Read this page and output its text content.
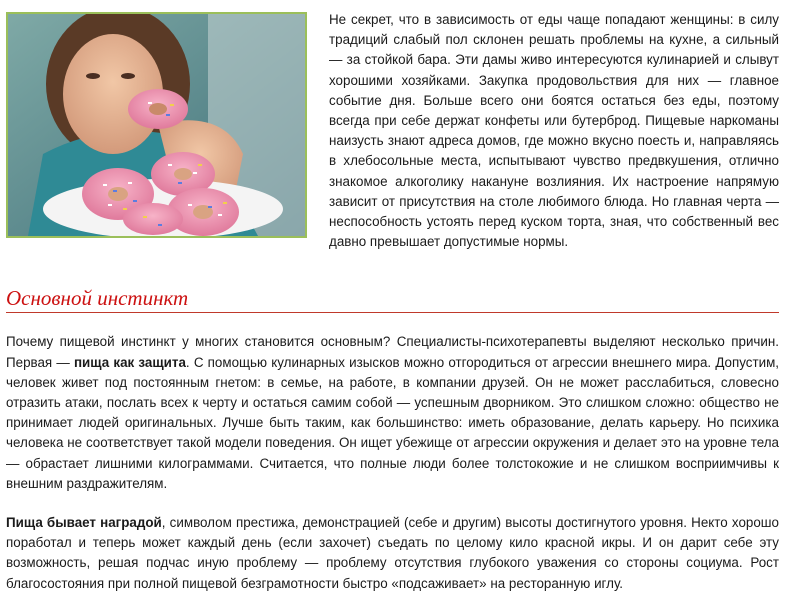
Не секрет, что в зависимость от еды чаще попадают женщины: в силу традиций слабый пол склонен решать проблемы на кухне, а сильный — за стойкой бара. Эти дамы живо интересуются кулинарией и слывут хорошими хозяйками. Закупка продовольствия для них — главное событие дня. Больше всего они боятся остаться без еды, поэтому всегда при себе держат конфеты или бутерброд. Пищевые наркоманы наизусть знают адреса домов, где можно вкусно поесть и, направляясь в хлебосольные места, испытывают чувство предвкушения, отлично знакомое алкоголику накануне возлияния. Их настроение напрямую зависит от присутствия на столе любимого блюда. Но главная черта — неспособность устоять перед куском торта, зная, что собственный вес давно превышает допустимые нормы.

Основной инстинкт

Почему пищевой инстинкт у многих становится основным? Специалисты-психотерапевты выделяют несколько причин. Первая — пища как защита. С помощью кулинарных изысков можно отгородиться от агрессии внешнего мира. Допустим, человек живет под постоянным гнетом: в семье, на работе, в компании друзей. Он не может расслабиться, словесно отразить атаки, послать всех к черту и остаться самим собой — успешным дворником. Это слишком сложно: общество не принимает людей оригинальных. Лучше быть таким, как большинство: иметь образование, делать карьеру. Но психика человека не соответствует такой модели поведения. Он ищет убежище от агрессии окружения и делает это на уровне тела — обрастает лишними килограммами. Считается, что полные люди более толстокожие и не слишком восприимчивы к внешним раздражителям.

Пища бывает наградой, символом престижа, демонстрацией (себе и другим) высоты достигнутого уровня. Некто хорошо поработал и теперь может каждый день (если захочет) съедать по целому кило красной икры. И он дарит себе эту возможность, решая подчас иную проблему — проблему отсутствия глубокого уважения со стороны социума. Рост благосостояния при полной пищевой безграмотности быстро «подсаживает» на ресторанную иглу.
